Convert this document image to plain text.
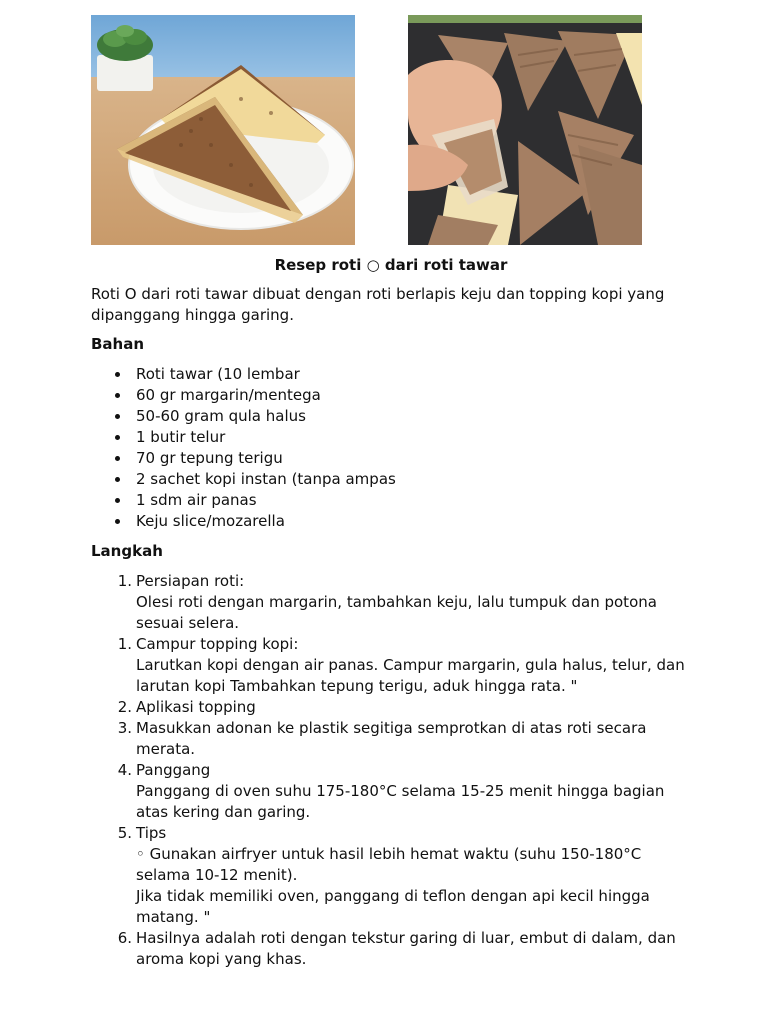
Resep roti ○ dari roti tawar
Roti O dari roti tawar dibuat dengan roti berlapis keju dan topping kopi yang dipanggang hingga garing.
Bahan
Roti tawar (10 lembar
60 gr margarin/mentega
50-60 gram qula halus
1 butir telur
70 gr tepung terigu
2 sachet kopi instan (tanpa ampas
1 sdm air panas
Keju slice/mozarella
Langkah
1. Persiapan roti:
Olesi roti dengan margarin, tambahkan keju, lalu tumpuk dan potona sesuai selera.
1. Campur topping kopi:
Larutkan kopi dengan air panas. Campur margarin, gula halus, telur, dan larutan kopi Tambahkan tepung terigu, aduk hingga rata. "
2. Aplikasi topping
3. Masukkan adonan ke plastik segitiga semprotkan di atas roti secara merata.
4. Panggang
Panggang di oven suhu 175-180°C selama 15-25 menit hingga bagian atas kering dan garing.
5. Tips
◦ Gunakan airfryer untuk hasil lebih hemat waktu (suhu 150-180°C selama 10-12 menit).
Jika tidak memiliki oven, panggang di teflon dengan api kecil hingga matang. "
6. Hasilnya adalah roti dengan tekstur garing di luar, embut di dalam, dan aroma kopi yang khas.
